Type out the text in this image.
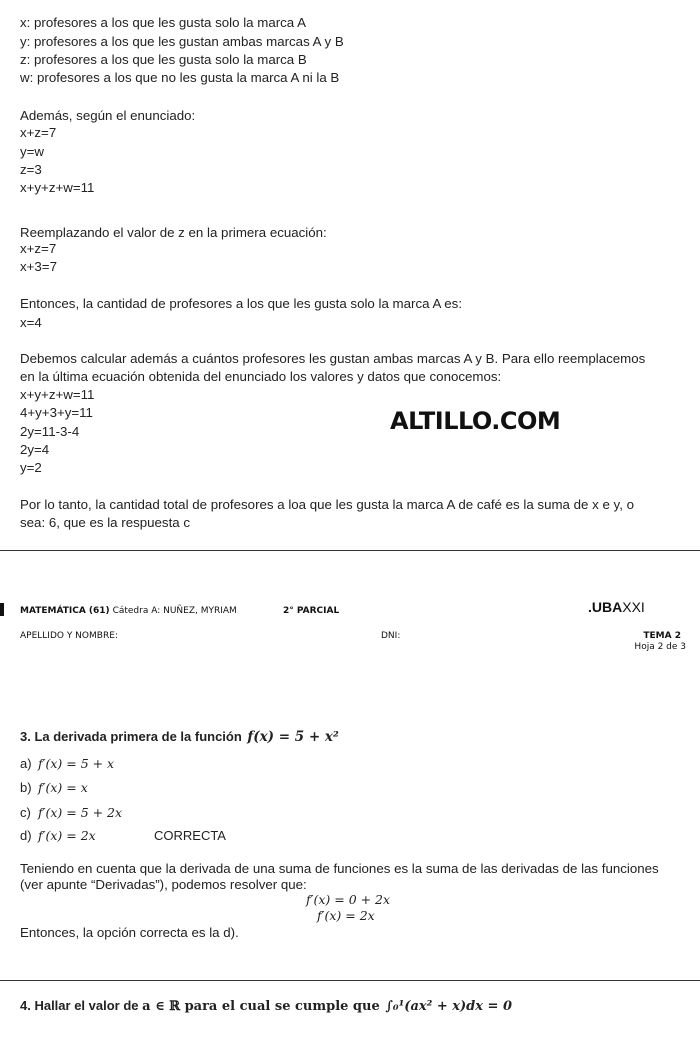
x: profesores a los que les gusta solo la marca A
y: profesores a los que les gustan ambas marcas A y B
z: profesores a los que les gusta solo la marca B
w: profesores a los que no les gusta la marca A ni la B
Además, según el enunciado:
x+z=7
y=w
z=3
x+y+z+w=11
Reemplazando el valor de z en la primera ecuación:
x+z=7
x+3=7
Entonces, la cantidad de profesores a los que les gusta solo la marca A es:
x=4
Debemos calcular además a cuántos profesores les gustan ambas marcas A y B. Para ello reemplacemos
en la última ecuación obtenida del enunciado los valores y datos que conocemos:
x+y+z+w=11
4+y+3+y=11
2y=11-3-4
2y=4
y=2
ALTILLO.COM
Por lo tanto, la cantidad total de profesores a loa que les gusta la marca A de café es la suma de x e y, o
sea: 6, que es la respuesta c
MATEMÁTICA (61) Cátedra A: NUÑEZ, MYRIAM	2° PARCIAL	.UBAXXI
APELLIDO Y NOMBRE:	DNI:	TEMA 2
Hoja 2 de 3
3. La derivada primera de la función f(x) = 5 + x²
a) f′(x) = 5 + x
b) f′(x) = x
c) f′(x) = 5 + 2x
d) f′(x) = 2x	CORRECTA
Teniendo en cuenta que la derivada de una suma de funciones es la suma de las derivadas de las funciones
(ver apunte “Derivadas”), podemos resolver que:
f′(x) = 0 + 2x
f′(x) = 2x
Entonces, la opción correcta es la d).
4. Hallar el valor de a ∈ ℝ para el cual se cumple que ∫₀¹(ax² + x)dx = 0
